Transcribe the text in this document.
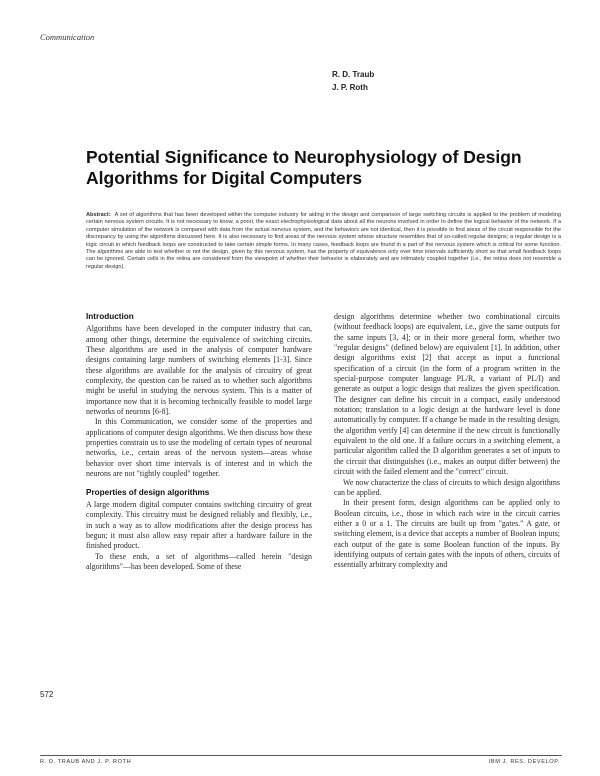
Communication
R. D. Traub
J. P. Roth
Potential Significance to Neurophysiology of Design Algorithms for Digital Computers

Abstract: A set of algorithms that has been developed within the computer industry for aiding in the design and comparison of large switching circuits is applied to the problem of modeling certain nervous system circuits. It is not necessary to know, a priori, the exact electrophysiological data about all the neurons involved in order to define the logical behavior of the network. If a computer simulation of the network is compared with data from the actual nervous system, and the behaviors are not identical, then it is possible to find areas of the circuit responsible for the discrepancy by using the algorithms discussed here. It is also necessary to find areas of the nervous system whose structure resembles that of so-called regular designs; a regular design is a logic circuit in which feedback loops are constructed to take certain simple forms. In many cases, feedback loops are found in a part of the nervous system which is critical for some function. The algorithms are able to test whether or not the design, given by this nervous system, has the property of equivalence only over time intervals sufficiently short so that small feedback loops can be ignored. Certain cells in the retina are considered from the viewpoint of whether their behavior is elaborately and are intimately coupled together (i.e., the retina does not resemble a regular design).

Introduction

Algorithms have been developed in the computer industry that can, among other things, determine the equivalence of switching circuits. These algorithms are used in the analysis of computer hardware designs containing large numbers of switching elements [1-3]. Since these algorithms are available for the analysis of circuitry of great complexity, the question can be raised as to whether such algorithms might be useful in studying the nervous system. This is a matter of importance now that it is becoming technically feasible to model large networks of neurons [6-8].

In this Communication, we consider some of the properties and applications of computer design algorithms. We then discuss how these properties constrain us to use the modeling of certain types of neuronal networks, i.e., certain areas of the nervous system—areas whose behavior over short time intervals is of interest and in which the neurons are not "tightly coupled" together.

Properties of design algorithms

A large modern digital computer contains switching circuitry of great complexity. This circuitry must be designed reliably and flexibly, i.e., in such a way as to allow modifications after the design process has begun; it must also allow easy repair after a hardware failure in the finished product.

To these ends, a set of algorithms—called herein "design algorithms"—has been developed. Some of these

design algorithms determine whether two combinational circuits (without feedback loops) are equivalent, i.e., give the same outputs for the same inputs [3, 4]; or in their more general form, whether two "regular designs" (defined below) are equivalent [1]. In addition, other design algorithms exist [2] that accept as input a functional specification of a circuit (in the form of a program written in the special-purpose computer language PL/R, a variant of PL/I) and generate as output a logic design that realizes the given specification. The designer can define his circuit in a compact, easily understood notation; translation to a logic design at the hardware level is done automatically by computer. If a change be made in the resulting design, the algorithm verify [4] can determine if the new circuit is functionally equivalent to the old one. If a failure occurs in a switching element, a particular algorithm called the D algorithm generates a set of inputs to the circuit that distinguishes (i.e., makes an output differ between) the circuit with the failed element and the "correct" circuit.

We now characterize the class of circuits to which design algorithms can be applied.

In their present form, design algorithms can be applied only to Boolean circuits, i.e., those in which each wire in the circuit carries either a 0 or a 1. The circuits are built up from "gates." A gate, or switching element, is a device that accepts a number of Boolean inputs; each output of the gate is some Boolean function of the inputs. By identifying outputs of certain gates with the inputs of others, circuits of essentially arbitrary complexity and

572
R. D. TRAUB AND J. P. ROTH	IBM J. RES. DEVELOP.
